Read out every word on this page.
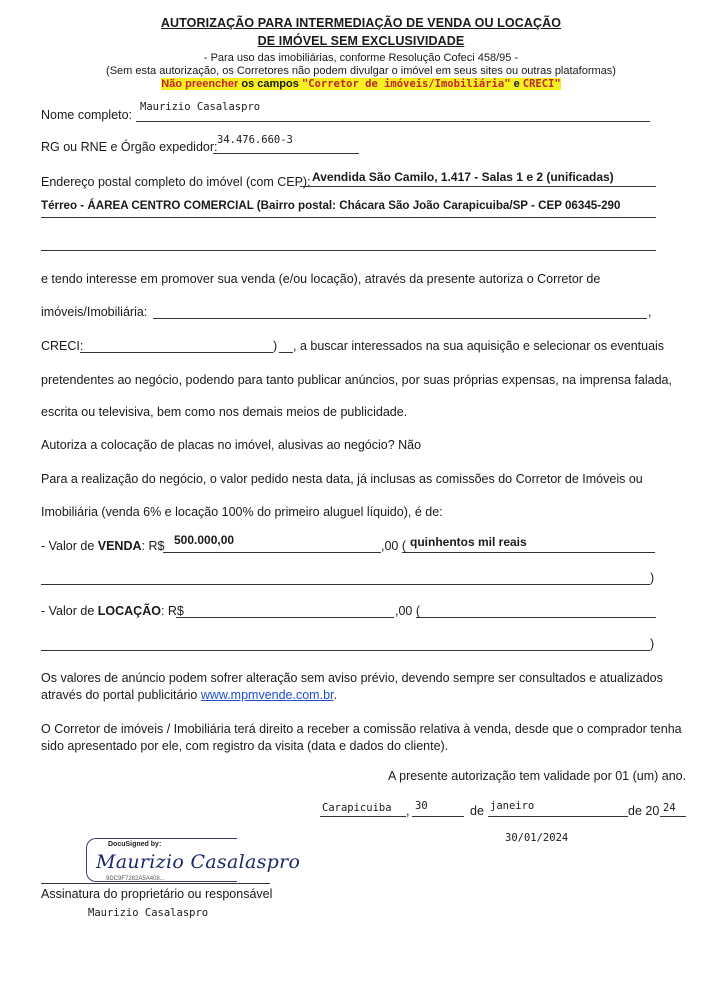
AUTORIZAÇÃO PARA INTERMEDIAÇÃO DE VENDA OU LOCAÇÃO
DE IMÓVEL SEM EXCLUSIVIDADE
- Para uso das imobiliárias, conforme Resolução Cofeci 458/95 -
(Sem esta autorização, os Corretores não podem divulgar o imóvel em seus sites ou outras plataformas)
Não preencher os campos "Corretor de imóveis/Imobiliária" e CRECI"
Nome completo:
Maurizio Casalaspro
RG ou RNE e Órgão expedidor: 34.476.660-3
Endereço postal completo do imóvel (com CEP): Avendida São Camilo, 1.417 - Salas 1 e 2 (unificadas)
Térreo - ÁAREA CENTRO COMERCIAL (Bairro postal: Chácara São João Carapicuiba/SP - CEP 06345-290
e tendo interesse em promover sua venda (e/ou locação), através da presente autoriza o Corretor de
imóveis/Imobiliária:	,
CRECI:	) , a buscar interessados na sua aquisição e selecionar os eventuais
pretendentes ao negócio, podendo para tanto publicar anúncios, por suas próprias expensas, na imprensa falada,
escrita ou televisiva, bem como nos demais meios de publicidade.
Autoriza a colocação de placas no imóvel, alusivas ao negócio? Não
Para a realização do negócio, o valor pedido nesta data, já inclusas as comissões do Corretor de Imóveis ou
Imobiliária (venda 6% e locação 100% do primeiro aluguel líquido), é de:
- Valor de VENDA: R$ 500.000,00	,00 ( quinhentos mil reais
)
- Valor de LOCAÇÃO: R$	,00 (
)
Os valores de anúncio podem sofrer alteração sem aviso prévio, devendo sempre ser consultados e atualizados
através do portal publicitário www.mpmvende.com.br.
O Corretor de imóveis / Imobiliária terá direito a receber a comissão relativa à venda, desde que o comprador tenha
sido apresentado por ele, com registro da visita (data e dados do cliente).
A presente autorização tem validade por 01 (um) ano.
Carapicuiba , 30	de janeiro	de 20 24
30/01/2024
DocuSigned by:
Maurizio Casalaspro
9DC9F7282A5A408...
Assinatura do proprietário ou responsável
Maurizio Casalaspro
